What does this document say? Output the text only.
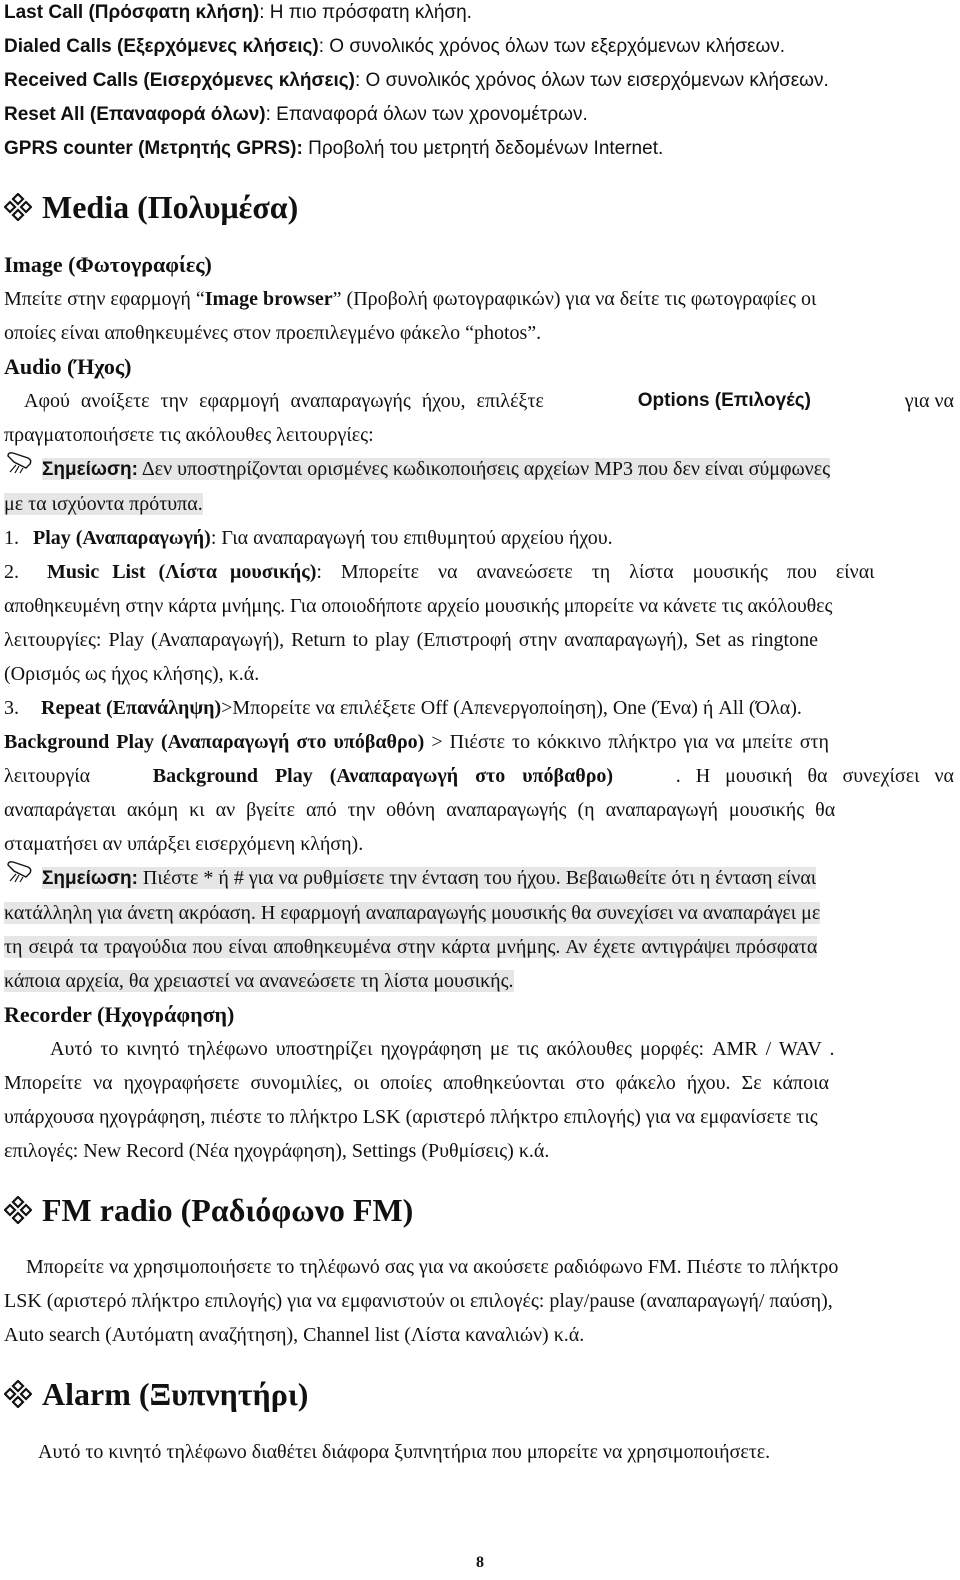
Last Call (Πρόσφατη κλήση): Η πιο πρόσφατη κλήση.

Dialed Calls (Εξερχόμενες κλήσεις): Ο συνολικός χρόνος όλων των εξερχόμενων κλήσεων.

Received Calls (Εισερχόμενες κλήσεις): Ο συνολικός χρόνος όλων των εισερχόμενων κλήσεων.

Reset All (Επαναφορά όλων): Επαναφορά όλων των χρονομέτρων.

GPRS counter (Μετρητής GPRS): Προβολή του μετρητή δεδομένων Internet.

Media (Πολυμέσα)

Image (Φωτογραφίες)

Μπείτε στην εφαρμογή “Image browser” (Προβολή φωτογραφικών) για να δείτε τις φωτογραφίες οι

οποίες είναι αποθηκευμένες στον προεπιλεγμένο φάκελο “photos”.

Audio (Ήχος)

Αφού ανοίξετε την εφαρμογή αναπαραγωγής ήχου, επιλέξτε	Options (Επιλογές)	για να

πραγματοποιήσετε τις ακόλουθες λειτουργίες:

Σημείωση: Δεν υποστηρίζονται ορισμένες κωδικοποιήσεις αρχείων MP3 που δεν είναι σύμφωνες

με τα ισχύοντα πρότυπα.

1. Play (Αναπαραγωγή): Για αναπαραγωγή του επιθυμητού αρχείου ήχου.

2. Music List (Λίστα μουσικής): Μπορείτε να ανανεώσετε τη λίστα μουσικής που είναι

αποθηκευμένη στην κάρτα μνήμης. Για οποιοδήποτε αρχείο μουσικής μπορείτε να κάνετε τις ακόλουθες

λειτουργίες: Play (Αναπαραγωγή), Return to play (Επιστροφή στην αναπαραγωγή), Set as ringtone

(Ορισμός ως ήχος κλήσης), κ.ά.

3. Repeat (Επανάληψη)>Μπορείτε να επιλέξετε Off (Απενεργοποίηση), One (Ένα) ή All (Όλα).

Background Play (Αναπαραγωγή στο υπόβαθρο) > Πιέστε το κόκκινο πλήκτρο για να μπείτε στη

λειτουργία	Background Play (Αναπαραγωγή στο υπόβαθρο)	. Η μουσική θα συνεχίσει να

αναπαράγεται ακόμη κι αν βγείτε από την οθόνη αναπαραγωγής (η αναπαραγωγή μουσικής θα

σταματήσει αν υπάρξει εισερχόμενη κλήση).

Σημείωση: Πιέστε * ή # για να ρυθμίσετε την ένταση του ήχου. Βεβαιωθείτε ότι η ένταση είναι

κατάλληλη για άνετη ακρόαση. Η εφαρμογή αναπαραγωγής μουσικής θα συνεχίσει να αναπαράγει με

τη σειρά τα τραγούδια που είναι αποθηκευμένα στην κάρτα μνήμης. Αν έχετε αντιγράψει πρόσφατα

κάποια αρχεία, θα χρειαστεί να ανανεώσετε τη λίστα μουσικής.

Recorder (Ηχογράφηση)

Αυτό το κινητό τηλέφωνο υποστηρίζει ηχογράφηση με τις ακόλουθες μορφές: AMR / WAV .

Μπορείτε να ηχογραφήσετε συνομιλίες, οι οποίες αποθηκεύονται στο φάκελο ήχου. Σε κάποια

υπάρχουσα ηχογράφηση, πιέστε το πλήκτρο LSK (αριστερό πλήκτρο επιλογής) για να εμφανίσετε τις

επιλογές: New Record (Νέα ηχογράφηση), Settings (Ρυθμίσεις) κ.ά.

FM radio (Ραδιόφωνο FM)

Μπορείτε να χρησιμοποιήσετε το τηλέφωνό σας για να ακούσετε ραδιόφωνο FM. Πιέστε το πλήκτρο

LSK (αριστερό πλήκτρο επιλογής) για να εμφανιστούν οι επιλογές: play/pause (αναπαραγωγή/ παύση),

Auto search (Αυτόματη αναζήτηση), Channel list (Λίστα καναλιών) κ.ά.

Alarm (Ξυπνητήρι)

Αυτό το κινητό τηλέφωνο διαθέτει διάφορα ξυπνητήρια που μπορείτε να χρησιμοποιήσετε.

8
